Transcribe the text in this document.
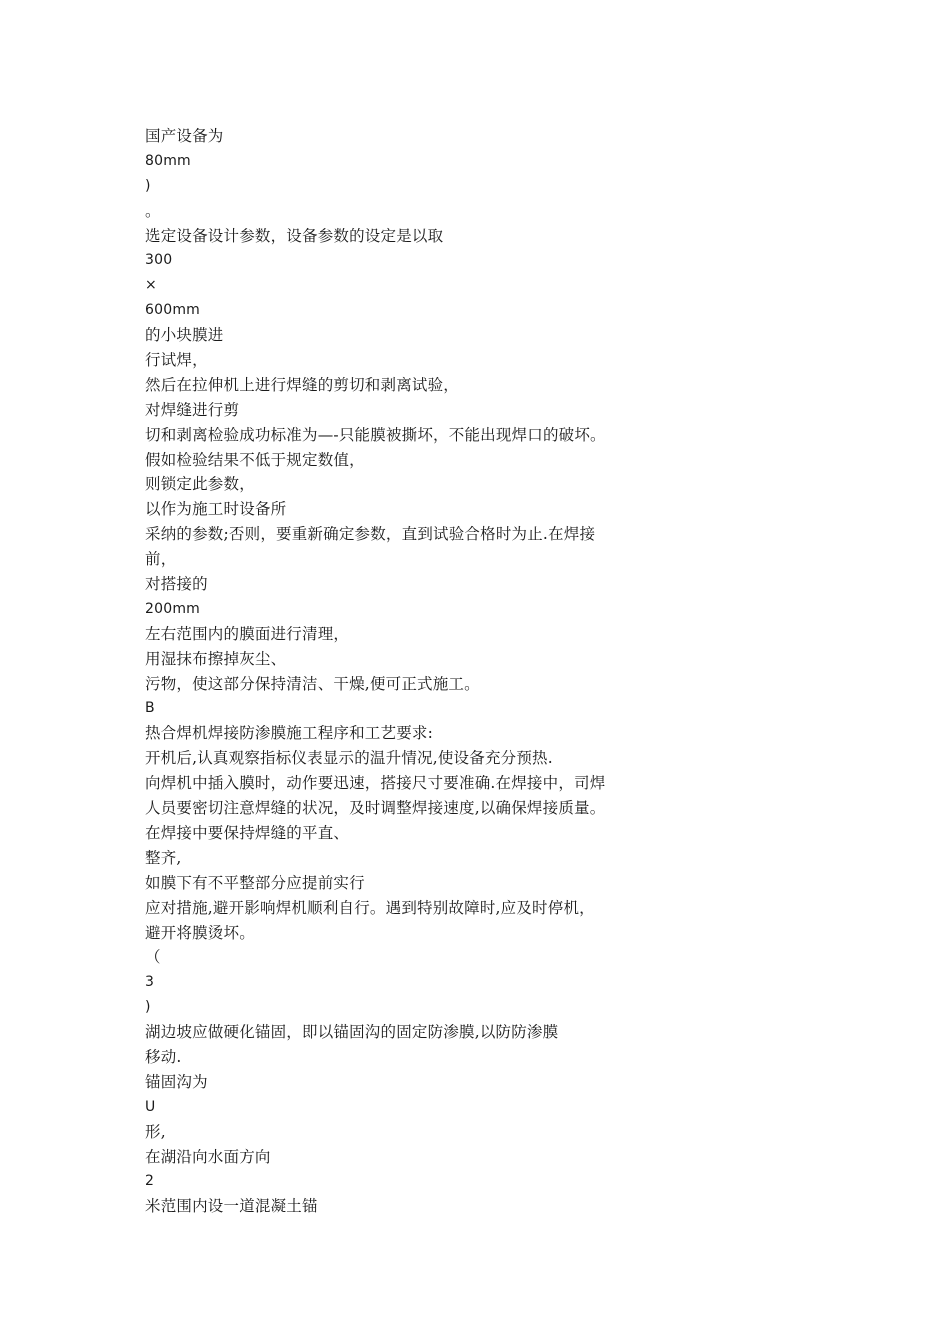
国产设备为
80mm
)
。
选定设备设计参数，设备参数的设定是以取
300
×
600mm
的小块膜进
行试焊，
然后在拉伸机上进行焊缝的剪切和剥离试验，
对焊缝进行剪
切和剥离检验成功标准为—-只能膜被撕坏，不能出现焊口的破坏。
假如检验结果不低于规定数值，
则锁定此参数，
以作为施工时设备所
采纳的参数;否则，要重新确定参数，直到试验合格时为止.在焊接
前，
对搭接的
200mm
左右范围内的膜面进行清理，
用湿抹布擦掉灰尘、
污物，使这部分保持清洁、干燥,便可正式施工。
B
热合焊机焊接防渗膜施工程序和工艺要求:
开机后,认真观察指标仪表显示的温升情况,使设备充分预热.
向焊机中插入膜时，动作要迅速，搭接尺寸要准确.在焊接中，司焊
人员要密切注意焊缝的状况，及时调整焊接速度,以确保焊接质量。
在焊接中要保持焊缝的平直、
整齐,
如膜下有不平整部分应提前实行
应对措施,避开影响焊机顺利自行。遇到特别故障时,应及时停机，
避开将膜烫坏。
（
3
)
湖边坡应做硬化锚固，即以锚固沟的固定防渗膜,以防防渗膜
移动.
锚固沟为
U
形,
在湖沿向水面方向
2
米范围内设一道混凝土锚
